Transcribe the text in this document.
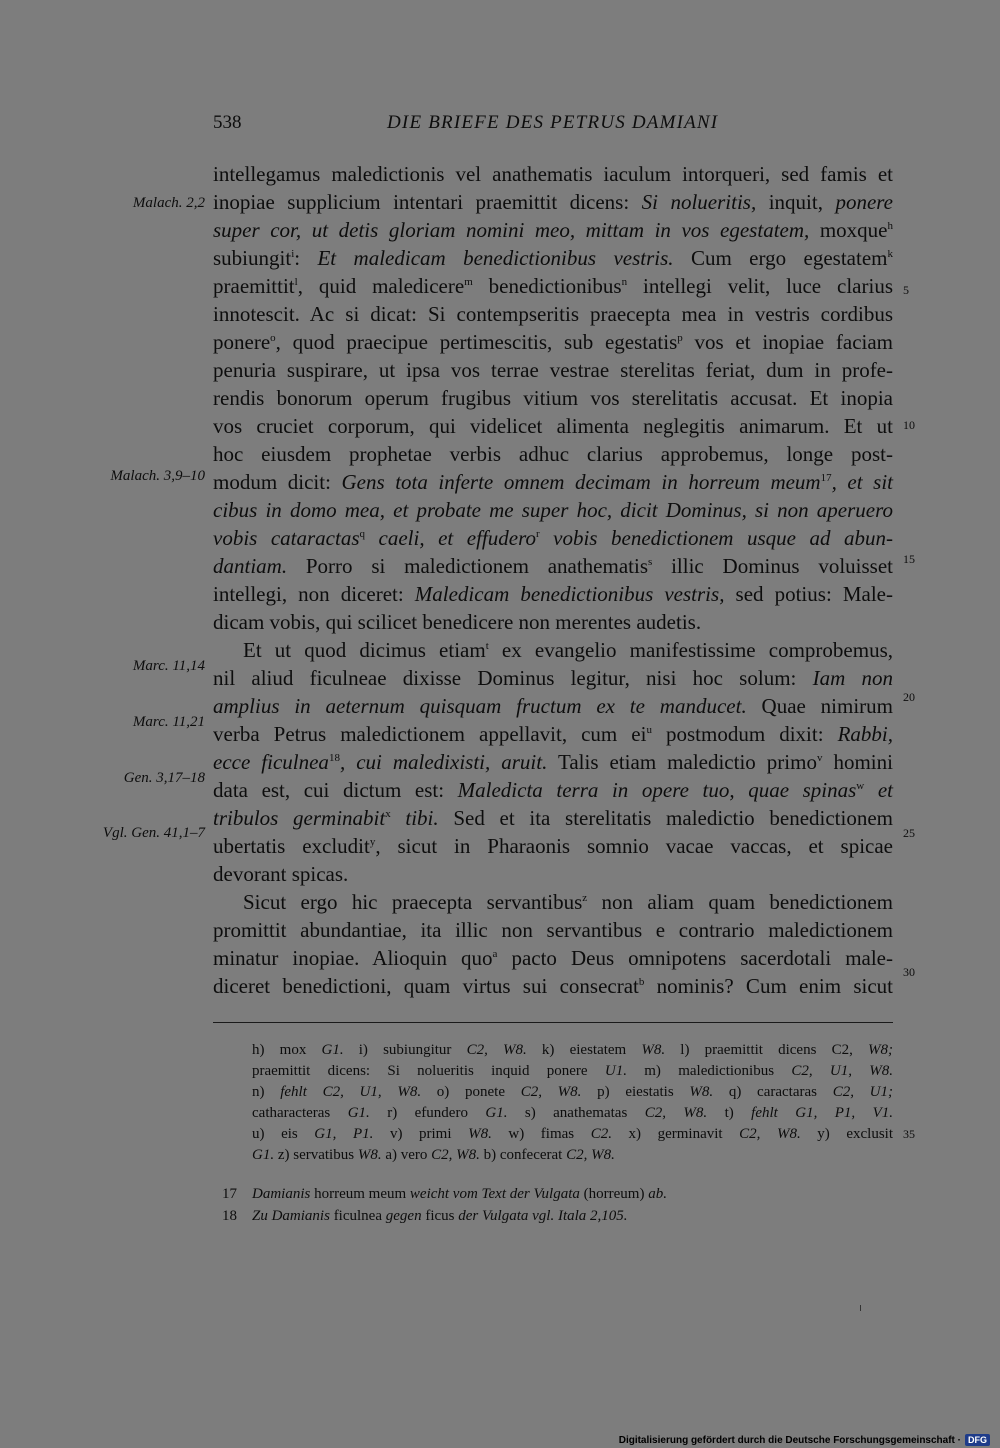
538	DIE BRIEFE DES PETRUS DAMIANI
Malach. 2,2
Malach. 3,9–10
Marc. 11,14
Marc. 11,21
Gen. 3,17–18
Vgl. Gen. 41,1–7
5
10
15
20
25
30
35
intellegamus maledictionis vel anathematis iaculum intorqueri, sed famis et
inopiae supplicium intentari praemittit dicens: Si nolueritis, inquit, ponere
super cor, ut detis gloriam nomini meo, mittam in vos egestatem, moxque$^h$
subiungit$^i$: Et maledicam benedictionibus vestris. Cum ergo egestatem$^k$
praemittit$^l$, quid maledicere$^m$ benedictionibus$^n$ intellegi velit, luce clarius
innotescit. Ac si dicat: Si contempseritis praecepta mea in vestris cordibus
ponere$^o$, quod praecipue pertimescitis, sub egestatis$^p$ vos et inopiae faciam
penuria suspirare, ut ipsa vos terrae vestrae sterelitas feriat, dum in profe-
rendis bonorum operum frugibus vitium vos sterelitatis accusat. Et inopia
vos cruciet corporum, qui videlicet alimenta neglegitis animarum. Et ut
hoc eiusdem prophetae verbis adhuc clarius approbemus, longe post-
modum dicit: Gens tota inferte omnem decimam in horreum meum$^{17}$, et sit
cibus in domo mea, et probate me super hoc, dicit Dominus, si non aperuero
vobis cataractas$^q$ caeli, et effudero$^r$ vobis benedictionem usque ad abun-
dantiam. Porro si maledictionem anathematis$^s$ illic Dominus voluisset
intellegi, non diceret: Maledicam benedictionibus vestris, sed potius: Male-
dicam vobis, qui scilicet benedicere non merentes audetis.
Et ut quod dicimus etiam$^t$ ex evangelio manifestissime comprobemus,
nil aliud ficulneae dixisse Dominus legitur, nisi hoc solum: Iam non
amplius in aeternum quisquam fructum ex te manducet. Quae nimirum
verba Petrus maledictionem appellavit, cum $ei^u$ postmodum dixit: Rabbi,
ecce ficulnea$^{18}$, cui maledixisti, aruit. Talis etiam maledictio primo$^v$ homini
data est, cui dictum est: Maledicta terra in opere tuo, quae spinas$^w$ et
tribulos germinabit$^x$ tibi. Sed et ita sterelitatis maledictio benedictionem
ubertatis excludit$^y$, sicut in Pharaonis somnio vacae vaccas, et spicae
devorant spicas.
Sicut ergo hic praecepta servantibus$^z$ non aliam quam benedictionem
promittit abundantiae, ita illic non servantibus e contrario maledictionem
minatur inopiae. Alioquin quo$^a$ pacto Deus omnipotens sacerdotali male-
diceret benedictioni, quam virtus sui consecrat$^b$ nominis? Cum enim sicut
h) mox G1. i) subiungitur C2, W8. k) eiestatem W8. l) praemittit dicens C2, W8;
praemittit dicens: Si nolueritis inquid ponere U1. m) maledictionibus C2, U1, W8.
n) fehlt C2, U1, W8. o) ponete C2, W8. p) eiestatis W8. q) caractaras C2, U1;
catharacteras G1. r) efundero G1. s) anathematas C2, W8. t) fehlt G1, P1, V1.
u) eis G1, P1. v) primi W8. w) fimas C2. x) germinavit C2, W8. y) exclusit
G1. z) servatibus W8. a) vero C2, W8. b) confecerat C2, W8.
17 Damianis horreum meum weicht vom Text der Vulgata (horreum) ab.
18 Zu Damianis ficulnea gegen ficus der Vulgata vgl. Itala 2,105.
Digitalisierung gefördert durch die Deutsche Forschungsgemeinschaft · DFG
